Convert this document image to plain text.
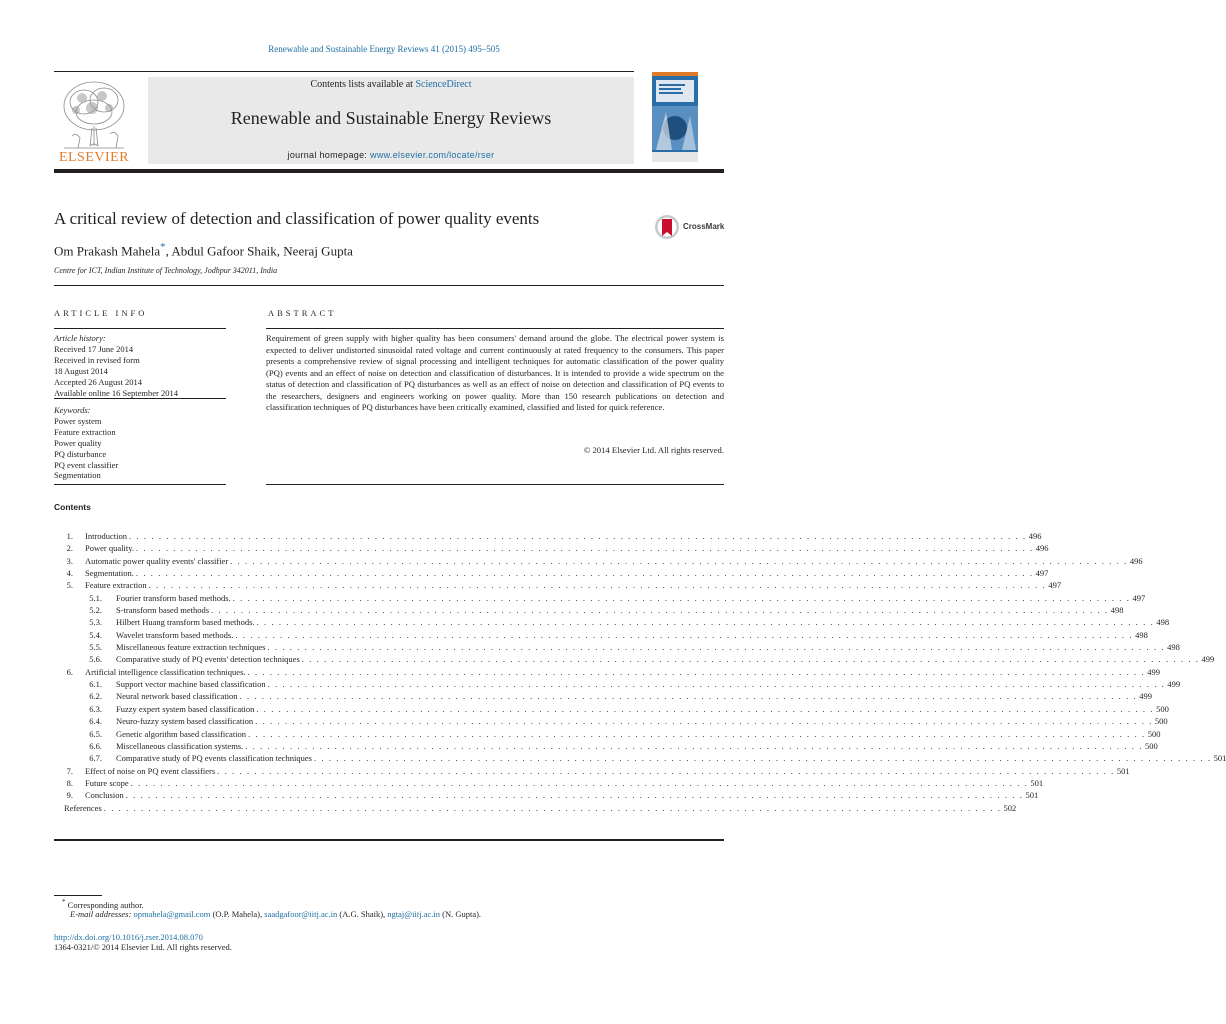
Renewable and Sustainable Energy Reviews 41 (2015) 495–505
Contents lists available at ScienceDirect
Renewable and Sustainable Energy Reviews
journal homepage: www.elsevier.com/locate/rser
ELSEVIER
A critical review of detection and classification of power quality events	CrossMark
Om Prakash Mahela*, Abdul Gafoor Shaik, Neeraj Gupta
Centre for ICT, Indian Institute of Technology, Jodhpur 342011, India
ARTICLE INFO	ABSTRACT
Article history:
Received 17 June 2014
Received in revised form
18 August 2014
Accepted 26 August 2014
Available online 16 September 2014
Keywords:
Power system
Feature extraction
Power quality
PQ disturbance
PQ event classifier
Segmentation
Requirement of green supply with higher quality has been consumers' demand around the globe. The electrical power system is expected to deliver undistorted sinusoidal rated voltage and current continuously at rated frequency to the consumers. This paper presents a comprehensive review of signal processing and intelligent techniques for automatic classification of the power quality (PQ) events and an effect of noise on detection and classification of disturbances. It is intended to provide a wide spectrum on the status of detection and classification of PQ disturbances as well as an effect of noise on detection and classification of PQ events to the researchers, designers and engineers working on power quality. More than 150 research publications on detection and classification techniques of PQ disturbances have been critically examined, classified and listed for quick reference.
© 2014 Elsevier Ltd. All rights reserved.
Contents
1. Introduction . . . . . . . . . . . . . . . . . . . . . . . . . . . . . . . . . . . . . . . . . . . . . . . . . . . . . . . . . . . . . . . . . . . . . . . . . . . . . . . . . . . . . . . . . . . . . . . . . . . . . . . . . . . . . . . . . . . . . . . . . 496
2. Power quality. . . . . . . . . . . . . . . . . . . . . . . . . . . . . . . . . . . . . . . . . . . . . . . . . . . . . . . . . . . . . . . . . . . . . . . . . . . . . . . . . . . . . . . . . . . . . . . . . . . . . . . . . . . . . . . . . . . . . . . . . . 496
3. Automatic power quality events' classifier . . . . . . . . . . . . . . . . . . . . . . . . . . . . . . . . . . . . . . . . . . . . . . . . . . . . . . . . . . . . . . . . . . . . . . . . . . . . . . . . . . . . . . . . . . . . . . . . . . . . . . . . . . . . . . . . . . . . . . . . . 496
4. Segmentation. . . . . . . . . . . . . . . . . . . . . . . . . . . . . . . . . . . . . . . . . . . . . . . . . . . . . . . . . . . . . . . . . . . . . . . . . . . . . . . . . . . . . . . . . . . . . . . . . . . . . . . . . . . . . . . . . . . . . . . . . . 497
5. Feature extraction . . . . . . . . . . . . . . . . . . . . . . . . . . . . . . . . . . . . . . . . . . . . . . . . . . . . . . . . . . . . . . . . . . . . . . . . . . . . . . . . . . . . . . . . . . . . . . . . . . . . . . . . . . . . . . . . . . . . . . . . . 497
5.1. Fourier transform based methods. . . . . . . . . . . . . . . . . . . . . . . . . . . . . . . . . . . . . . . . . . . . . . . . . . . . . . . . . . . . . . . . . . . . . . . . . . . . . . . . . . . . . . . . . . . . . . . . . . . . . . . . . . . . . . . . . . . . . . . . . . 497
5.2. S-transform based methods . . . . . . . . . . . . . . . . . . . . . . . . . . . . . . . . . . . . . . . . . . . . . . . . . . . . . . . . . . . . . . . . . . . . . . . . . . . . . . . . . . . . . . . . . . . . . . . . . . . . . . . . . . . . . . . . . . . . . . . . . 498
5.3. Hilbert Huang transform based methods. . . . . . . . . . . . . . . . . . . . . . . . . . . . . . . . . . . . . . . . . . . . . . . . . . . . . . . . . . . . . . . . . . . . . . . . . . . . . . . . . . . . . . . . . . . . . . . . . . . . . . . . . . . . . . . . . . . . . . . . . . 498
5.4. Wavelet transform based methods. . . . . . . . . . . . . . . . . . . . . . . . . . . . . . . . . . . . . . . . . . . . . . . . . . . . . . . . . . . . . . . . . . . . . . . . . . . . . . . . . . . . . . . . . . . . . . . . . . . . . . . . . . . . . . . . . . . . . . . . . . 498
5.5. Miscellaneous feature extraction techniques . . . . . . . . . . . . . . . . . . . . . . . . . . . . . . . . . . . . . . . . . . . . . . . . . . . . . . . . . . . . . . . . . . . . . . . . . . . . . . . . . . . . . . . . . . . . . . . . . . . . . . . . . . . . . . . . . . . . . . . . . 498
5.6. Comparative study of PQ events' detection techniques . . . . . . . . . . . . . . . . . . . . . . . . . . . . . . . . . . . . . . . . . . . . . . . . . . . . . . . . . . . . . . . . . . . . . . . . . . . . . . . . . . . . . . . . . . . . . . . . . . . . . . . . . . . . . . . . . . . . . . . . . 499
6. Artificial intelligence classification techniques. . . . . . . . . . . . . . . . . . . . . . . . . . . . . . . . . . . . . . . . . . . . . . . . . . . . . . . . . . . . . . . . . . . . . . . . . . . . . . . . . . . . . . . . . . . . . . . . . . . . . . . . . . . . . . . . . . . . . . . . . . 499
6.1. Support vector machine based classification . . . . . . . . . . . . . . . . . . . . . . . . . . . . . . . . . . . . . . . . . . . . . . . . . . . . . . . . . . . . . . . . . . . . . . . . . . . . . . . . . . . . . . . . . . . . . . . . . . . . . . . . . . . . . . . . . . . . . . . . . 499
6.2. Neural network based classification . . . . . . . . . . . . . . . . . . . . . . . . . . . . . . . . . . . . . . . . . . . . . . . . . . . . . . . . . . . . . . . . . . . . . . . . . . . . . . . . . . . . . . . . . . . . . . . . . . . . . . . . . . . . . . . . . . . . . . . . . 499
6.3. Fuzzy expert system based classification . . . . . . . . . . . . . . . . . . . . . . . . . . . . . . . . . . . . . . . . . . . . . . . . . . . . . . . . . . . . . . . . . . . . . . . . . . . . . . . . . . . . . . . . . . . . . . . . . . . . . . . . . . . . . . . . . . . . . . . . . 500
6.4. Neuro-fuzzy system based classification . . . . . . . . . . . . . . . . . . . . . . . . . . . . . . . . . . . . . . . . . . . . . . . . . . . . . . . . . . . . . . . . . . . . . . . . . . . . . . . . . . . . . . . . . . . . . . . . . . . . . . . . . . . . . . . . . . . . . . . . . 500
6.5. Genetic algorithm based classification . . . . . . . . . . . . . . . . . . . . . . . . . . . . . . . . . . . . . . . . . . . . . . . . . . . . . . . . . . . . . . . . . . . . . . . . . . . . . . . . . . . . . . . . . . . . . . . . . . . . . . . . . . . . . . . . . . . . . . . . . 500
6.6. Miscellaneous classification systems. . . . . . . . . . . . . . . . . . . . . . . . . . . . . . . . . . . . . . . . . . . . . . . . . . . . . . . . . . . . . . . . . . . . . . . . . . . . . . . . . . . . . . . . . . . . . . . . . . . . . . . . . . . . . . . . . . . . . . . . . . 500
6.7. Comparative study of PQ events classification techniques . . . . . . . . . . . . . . . . . . . . . . . . . . . . . . . . . . . . . . . . . . . . . . . . . . . . . . . . . . . . . . . . . . . . . . . . . . . . . . . . . . . . . . . . . . . . . . . . . . . . . . . . . . . . . . . . . . . . . . . . . 501
7. Effect of noise on PQ event classifiers . . . . . . . . . . . . . . . . . . . . . . . . . . . . . . . . . . . . . . . . . . . . . . . . . . . . . . . . . . . . . . . . . . . . . . . . . . . . . . . . . . . . . . . . . . . . . . . . . . . . . . . . . . . . . . . . . . . . . . . . . 501
8. Future scope . . . . . . . . . . . . . . . . . . . . . . . . . . . . . . . . . . . . . . . . . . . . . . . . . . . . . . . . . . . . . . . . . . . . . . . . . . . . . . . . . . . . . . . . . . . . . . . . . . . . . . . . . . . . . . . . . . . . . . . . . 501
9. Conclusion . . . . . . . . . . . . . . . . . . . . . . . . . . . . . . . . . . . . . . . . . . . . . . . . . . . . . . . . . . . . . . . . . . . . . . . . . . . . . . . . . . . . . . . . . . . . . . . . . . . . . . . . . . . . . . . . . . . . . . . . . 501
References . . . . . . . . . . . . . . . . . . . . . . . . . . . . . . . . . . . . . . . . . . . . . . . . . . . . . . . . . . . . . . . . . . . . . . . . . . . . . . . . . . . . . . . . . . . . . . . . . . . . . . . . . . . . . . . . . . . . . . . . . 502
* Corresponding author.
E-mail addresses: opmahela@gmail.com (O.P. Mahela), saadgafoor@iitj.ac.in (A.G. Shaik), ngtaj@iitj.ac.in (N. Gupta).
http://dx.doi.org/10.1016/j.rser.2014.08.070
1364-0321/© 2014 Elsevier Ltd. All rights reserved.
